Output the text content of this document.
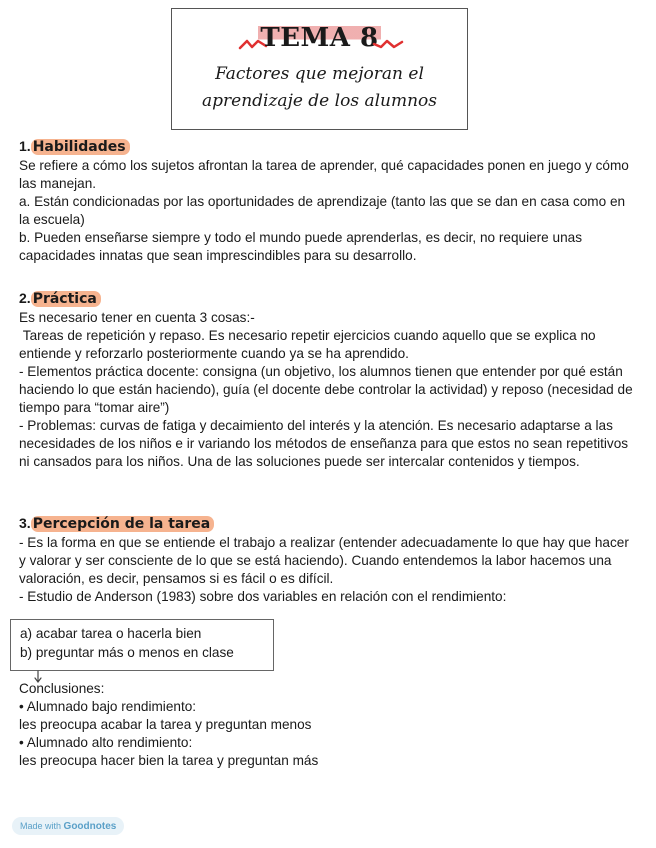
TEMA 8
Factores que mejoran el
aprendizaje de los alumnos
1. Habilidades

Se refiere a cómo los sujetos afrontan la tarea de aprender, qué capacidades ponen en juego y cómo las manejan.

a. Están condicionadas por las oportunidades de aprendizaje (tanto las que se dan en casa como en la escuela)

b. Pueden enseñarse siempre y todo el mundo puede aprenderlas, es decir, no requiere unas capacidades innatas que sean imprescindibles para su desarrollo.

2. Práctica

Es necesario tener en cuenta 3 cosas:-

Tareas de repetición y repaso. Es necesario repetir ejercicios cuando aquello que se explica no entiende y reforzarlo posteriormente cuando ya se ha aprendido.

- Elementos práctica docente: consigna (un objetivo, los alumnos tienen que entender por qué están haciendo lo que están haciendo), guía (el docente debe controlar la actividad) y reposo (necesidad de tiempo para “tomar aire”)

- Problemas: curvas de fatiga y decaimiento del interés y la atención. Es necesario adaptarse a las necesidades de los niños e ir variando los métodos de enseñanza para que estos no sean repetitivos ni cansados para los niños. Una de las soluciones puede ser intercalar contenidos y tiempos.

3. Percepción de la tarea

- Es la forma en que se entiende el trabajo a realizar (entender adecuadamente lo que hay que hacer y valorar y ser consciente de lo que se está haciendo). Cuando entendemos la labor hacemos una valoración, es decir, pensamos si es fácil o es difícil.

- Estudio de Anderson (1983) sobre dos variables en relación con el rendimiento:

a) acabar tarea o hacerla bien
b) preguntar más o menos en clase
Conclusiones:
• Alumnado bajo rendimiento:
les preocupa acabar la tarea y preguntan menos
• Alumnado alto rendimiento:
les preocupa hacer bien la tarea y preguntan más
Made with Goodnotes
